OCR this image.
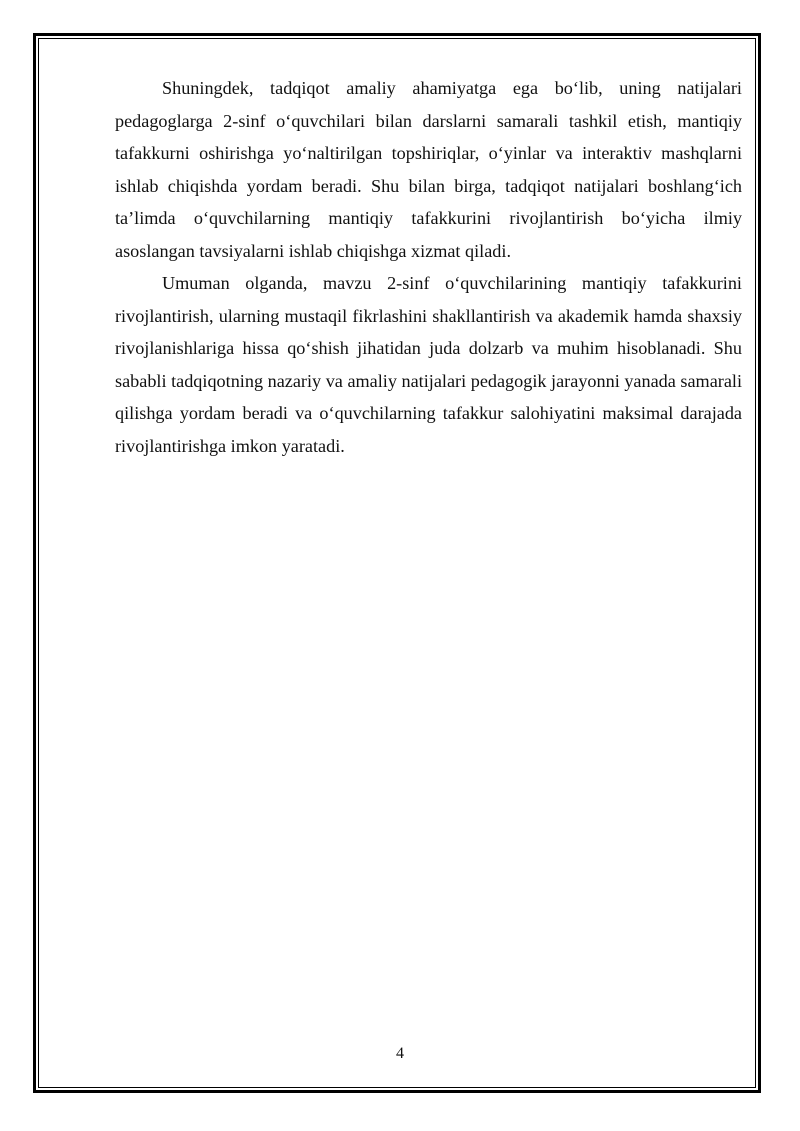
Shuningdek, tadqiqot amaliy ahamiyatga ega bo‘lib, uning natijalari pedagoglarga 2-sinf o‘quvchilari bilan darslarni samarali tashkil etish, mantiqiy tafakkurni oshirishga yo‘naltirilgan topshiriqlar, o‘yinlar va interaktiv mashqlarni ishlab chiqishda yordam beradi. Shu bilan birga, tadqiqot natijalari boshlang‘ich ta’limda o‘quvchilarning mantiqiy tafakkurini rivojlantirish bo‘yicha ilmiy asoslangan tavsiyalarni ishlab chiqishga xizmat qiladi.

Umuman olganda, mavzu 2-sinf o‘quvchilarining mantiqiy tafakkurini rivojlantirish, ularning mustaqil fikrlashini shakllantirish va akademik hamda shaxsiy rivojlanishlariga hissa qo‘shish jihatidan juda dolzarb va muhim hisoblanadi. Shu sababli tadqiqotning nazariy va amaliy natijalari pedagogik jarayonni yanada samarali qilishga yordam beradi va o‘quvchilarning tafakkur salohiyatini maksimal darajada rivojlantirishga imkon yaratadi.

4
